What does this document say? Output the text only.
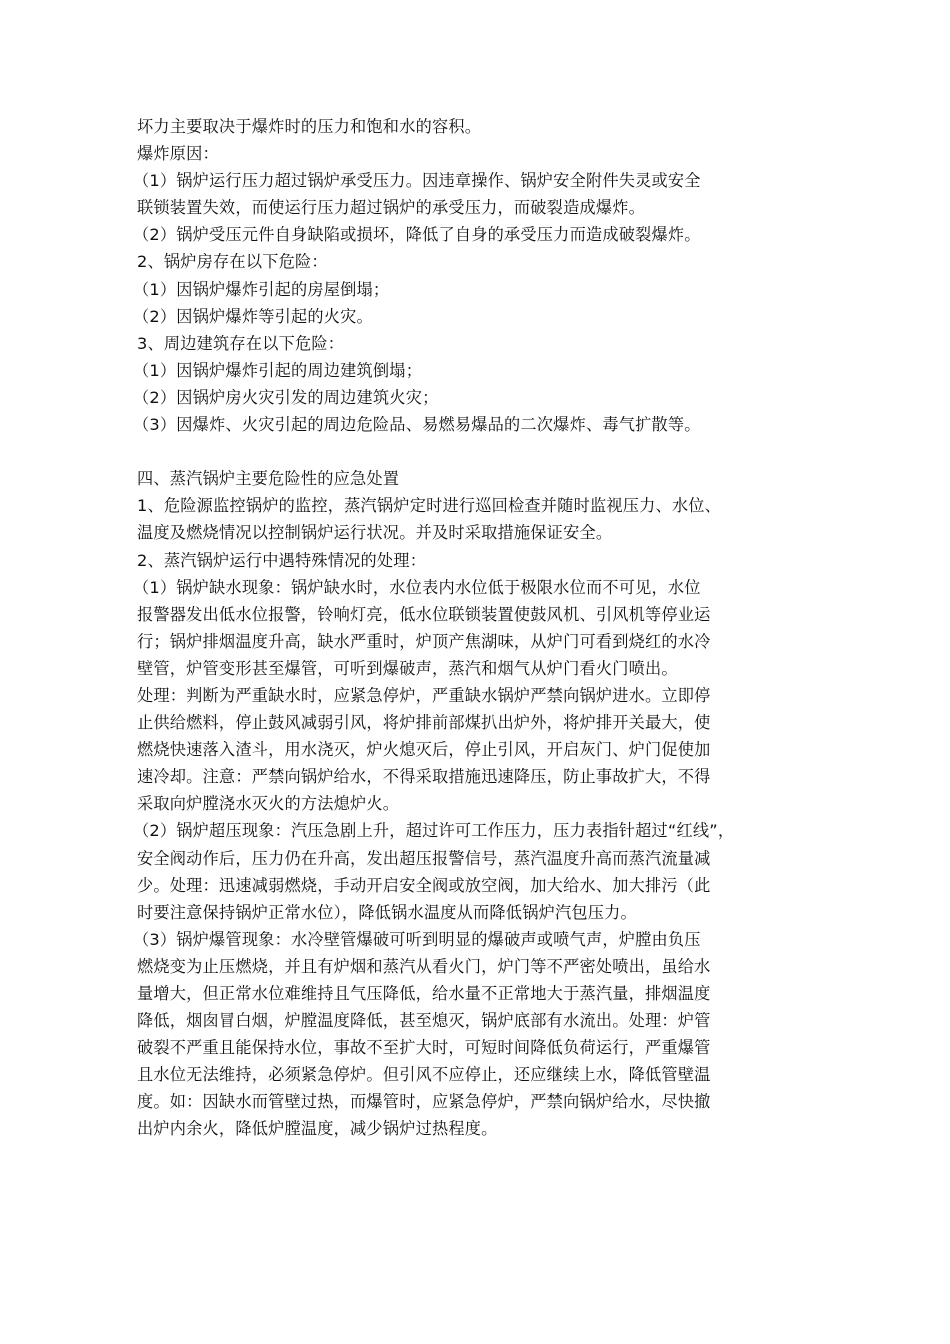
坏力主要取决于爆炸时的压力和饱和水的容积。
爆炸原因：
（1）锅炉运行压力超过锅炉承受压力。因违章操作、锅炉安全附件失灵或安全
联锁装置失效，而使运行压力超过锅炉的承受压力，而破裂造成爆炸。
（2）锅炉受压元件自身缺陷或损坏，降低了自身的承受压力而造成破裂爆炸。
2、锅炉房存在以下危险：
（1）因锅炉爆炸引起的房屋倒塌；
（2）因锅炉爆炸等引起的火灾。
3、周边建筑存在以下危险：
（1）因锅炉爆炸引起的周边建筑倒塌；
（2）因锅炉房火灾引发的周边建筑火灾；
（3）因爆炸、火灾引起的周边危险品、易燃易爆品的二次爆炸、毒气扩散等。
四、蒸汽锅炉主要危险性的应急处置
1、危险源监控锅炉的监控，蒸汽锅炉定时进行巡回检查并随时监视压力、水位、
温度及燃烧情况以控制锅炉运行状况。并及时采取措施保证安全。
2、蒸汽锅炉运行中遇特殊情况的处理：
（1）锅炉缺水现象：锅炉缺水时，水位表内水位低于极限水位而不可见，水位
报警器发出低水位报警，铃响灯亮，低水位联锁装置使鼓风机、引风机等停业运
行；锅炉排烟温度升高，缺水严重时，炉顶产焦湖味，从炉门可看到烧红的水冷
壁管，炉管变形甚至爆管，可听到爆破声，蒸汽和烟气从炉门看火门喷出。
处理：判断为严重缺水时，应紧急停炉，严重缺水锅炉严禁向锅炉进水。立即停
止供给燃料，停止鼓风减弱引风，将炉排前部煤扒出炉外，将炉排开关最大，使
燃烧快速落入渣斗，用水浇灭，炉火熄灭后，停止引风，开启灰门、炉门促使加
速冷却。注意：严禁向锅炉给水，不得采取措施迅速降压，防止事故扩大，不得
采取向炉膛浇水灭火的方法熄炉火。
（2）锅炉超压现象：汽压急剧上升，超过许可工作压力，压力表指针超过“红线”，
安全阀动作后，压力仍在升高，发出超压报警信号，蒸汽温度升高而蒸汽流量减
少。处理：迅速减弱燃烧，手动开启安全阀或放空阀，加大给水、加大排污（此
时要注意保持锅炉正常水位），降低锅水温度从而降低锅炉汽包压力。
（3）锅炉爆管现象：水冷壁管爆破可听到明显的爆破声或喷气声，炉膛由负压
燃烧变为止压燃烧，并且有炉烟和蒸汽从看火门，炉门等不严密处喷出，虽给水
量增大，但正常水位难维持且气压降低，给水量不正常地大于蒸汽量，排烟温度
降低，烟囱冒白烟，炉膛温度降低，甚至熄灭，锅炉底部有水流出。处理：炉管
破裂不严重且能保持水位，事故不至扩大时，可短时间降低负荷运行，严重爆管
且水位无法维持，必须紧急停炉。但引风不应停止，还应继续上水，降低管壁温
度。如：因缺水而管壁过热，而爆管时，应紧急停炉，严禁向锅炉给水，尽快撤
出炉内余火，降低炉膛温度，减少锅炉过热程度。
